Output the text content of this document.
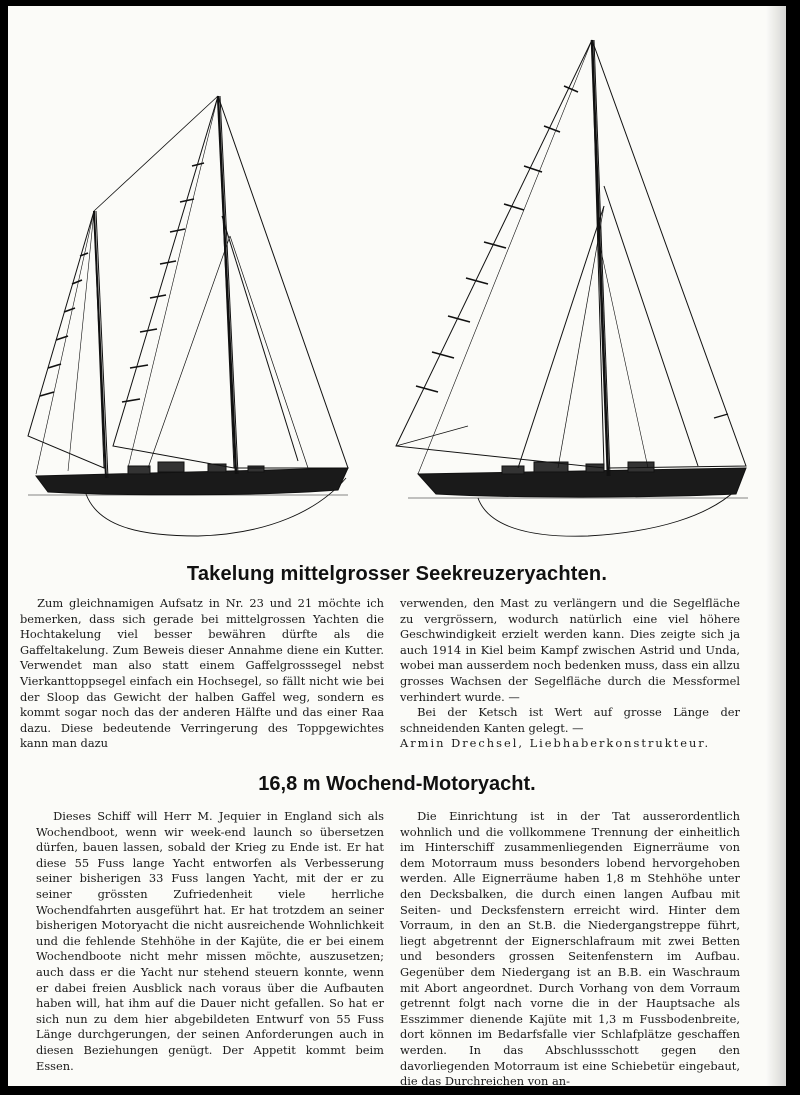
Takelung mittelgrosser Seekreuzeryachten.

Zum gleichnamigen Aufsatz in Nr. 23 und 21 möchte ich bemerken, dass sich gerade bei mittelgrossen Yachten die Hochtakelung viel besser bewähren dürfte als die Gaffeltakelung. Zum Beweis dieser Annahme diene ein Kutter. Verwendet man also statt einem Gaffelgrosssegel nebst Vierkanttoppsegel einfach ein Hochsegel, so fällt nicht wie bei der Sloop das Gewicht der halben Gaffel weg, sondern es kommt sogar noch das der anderen Hälfte und das einer Raa dazu. Diese bedeutende Verringerung des Toppgewichtes kann man dazu

verwenden, den Mast zu verlängern und die Segelfläche zu vergrössern, wodurch natürlich eine viel höhere Geschwindigkeit erzielt werden kann. Dies zeigte sich ja auch 1914 in Kiel beim Kampf zwischen Astrid und Unda, wobei man ausserdem noch bedenken muss, dass ein allzu grosses Wachsen der Segelfläche durch die Messformel verhindert wurde. —

Bei der Ketsch ist Wert auf grosse Länge der schneidenden Kanten gelegt. —

Armin Drechsel, Liebhaberkonstrukteur.

16,8 m Wochend-Motoryacht.

Dieses Schiff will Herr M. Jequier in England sich als Wochendboot, wenn wir week-end launch so übersetzen dürfen, bauen lassen, sobald der Krieg zu Ende ist. Er hat diese 55 Fuss lange Yacht entworfen als Verbesserung seiner bisherigen 33 Fuss langen Yacht, mit der er zu seiner grössten Zufriedenheit viele herrliche Wochendfahrten ausgeführt hat. Er hat trotzdem an seiner bisherigen Motoryacht die nicht ausreichende Wohnlichkeit und die fehlende Stehhöhe in der Kajüte, die er bei einem Wochendboote nicht mehr missen möchte, auszusetzen; auch dass er die Yacht nur stehend steuern konnte, wenn er dabei freien Ausblick nach voraus über die Aufbauten haben will, hat ihm auf die Dauer nicht gefallen. So hat er sich nun zu dem hier abgebildeten Entwurf von 55 Fuss Länge durchgerungen, der seinen Anforderungen auch in diesen Beziehungen genügt. Der Appetit kommt beim Essen.

Die Einrichtung ist in der Tat ausserordentlich wohnlich und die vollkommene Trennung der einheitlich im Hinterschiff zusammenliegenden Eignerräume von dem Motorraum muss besonders lobend hervorgehoben werden. Alle Eignerräume haben 1,8 m Stehhöhe unter den Decksbalken, die durch einen langen Aufbau mit Seiten- und Decksfenstern erreicht wird. Hinter dem Vorraum, in den an St.B. die Niedergangstreppe führt, liegt abgetrennt der Eignerschlafraum mit zwei Betten und besonders grossen Seitenfenstern im Aufbau. Gegenüber dem Niedergang ist an B.B. ein Waschraum mit Abort angeordnet. Durch Vorhang von dem Vorraum getrennt folgt nach vorne die in der Hauptsache als Esszimmer dienende Kajüte mit 1,3 m Fussbodenbreite, dort können im Bedarfsfalle vier Schlafplätze geschaffen werden. In das Abschlussschott gegen den davorliegenden Motorraum ist eine Schiebetür eingebaut, die das Durchreichen von an-
